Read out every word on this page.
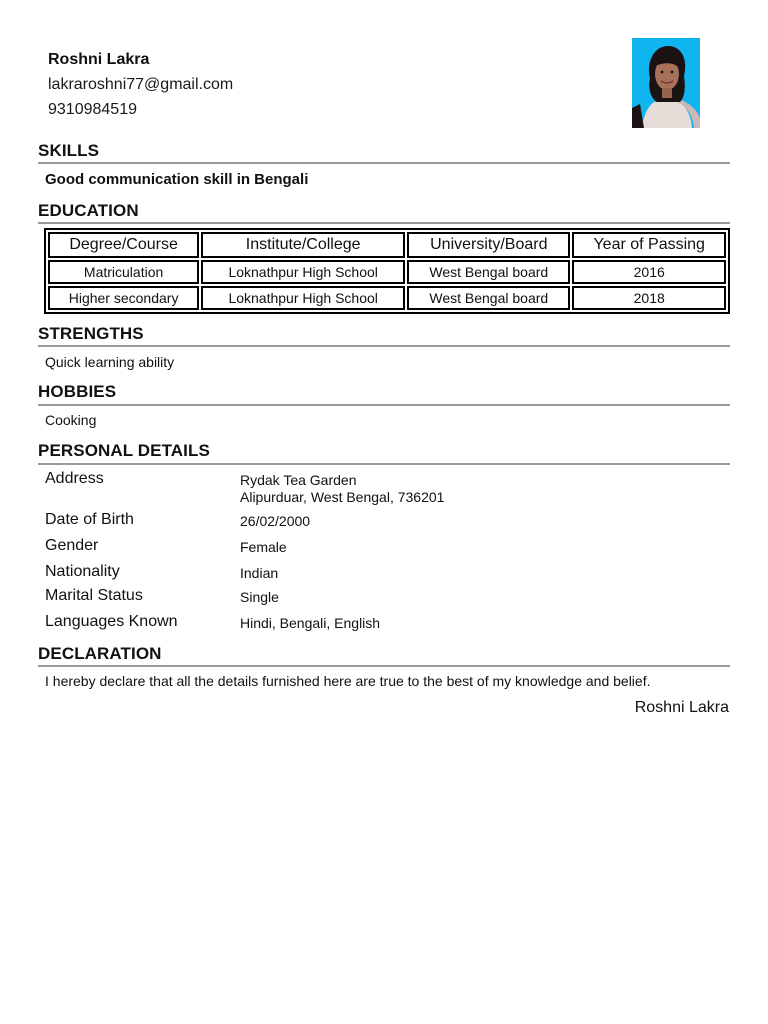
Roshni Lakra
lakraroshni77@gmail.com
9310984519
SKILLS
Good communication skill in Bengali
EDUCATION
Degree/Course	Institute/College	University/Board	Year of Passing
Matriculation	Loknathpur High School	West Bengal board	2016
Higher secondary	Loknathpur High School	West Bengal board	2018
STRENGTHS
Quick learning ability
HOBBIES
Cooking
PERSONAL DETAILS
Address	Rydak Tea Garden
Alipurduar, West Bengal, 736201
Date of Birth	26/02/2000
Gender	Female
Nationality	Indian
Marital Status	Single
Languages Known	Hindi, Bengali, English
DECLARATION
I hereby declare that all the details furnished here are true to the best of my knowledge and belief.
Roshni Lakra
